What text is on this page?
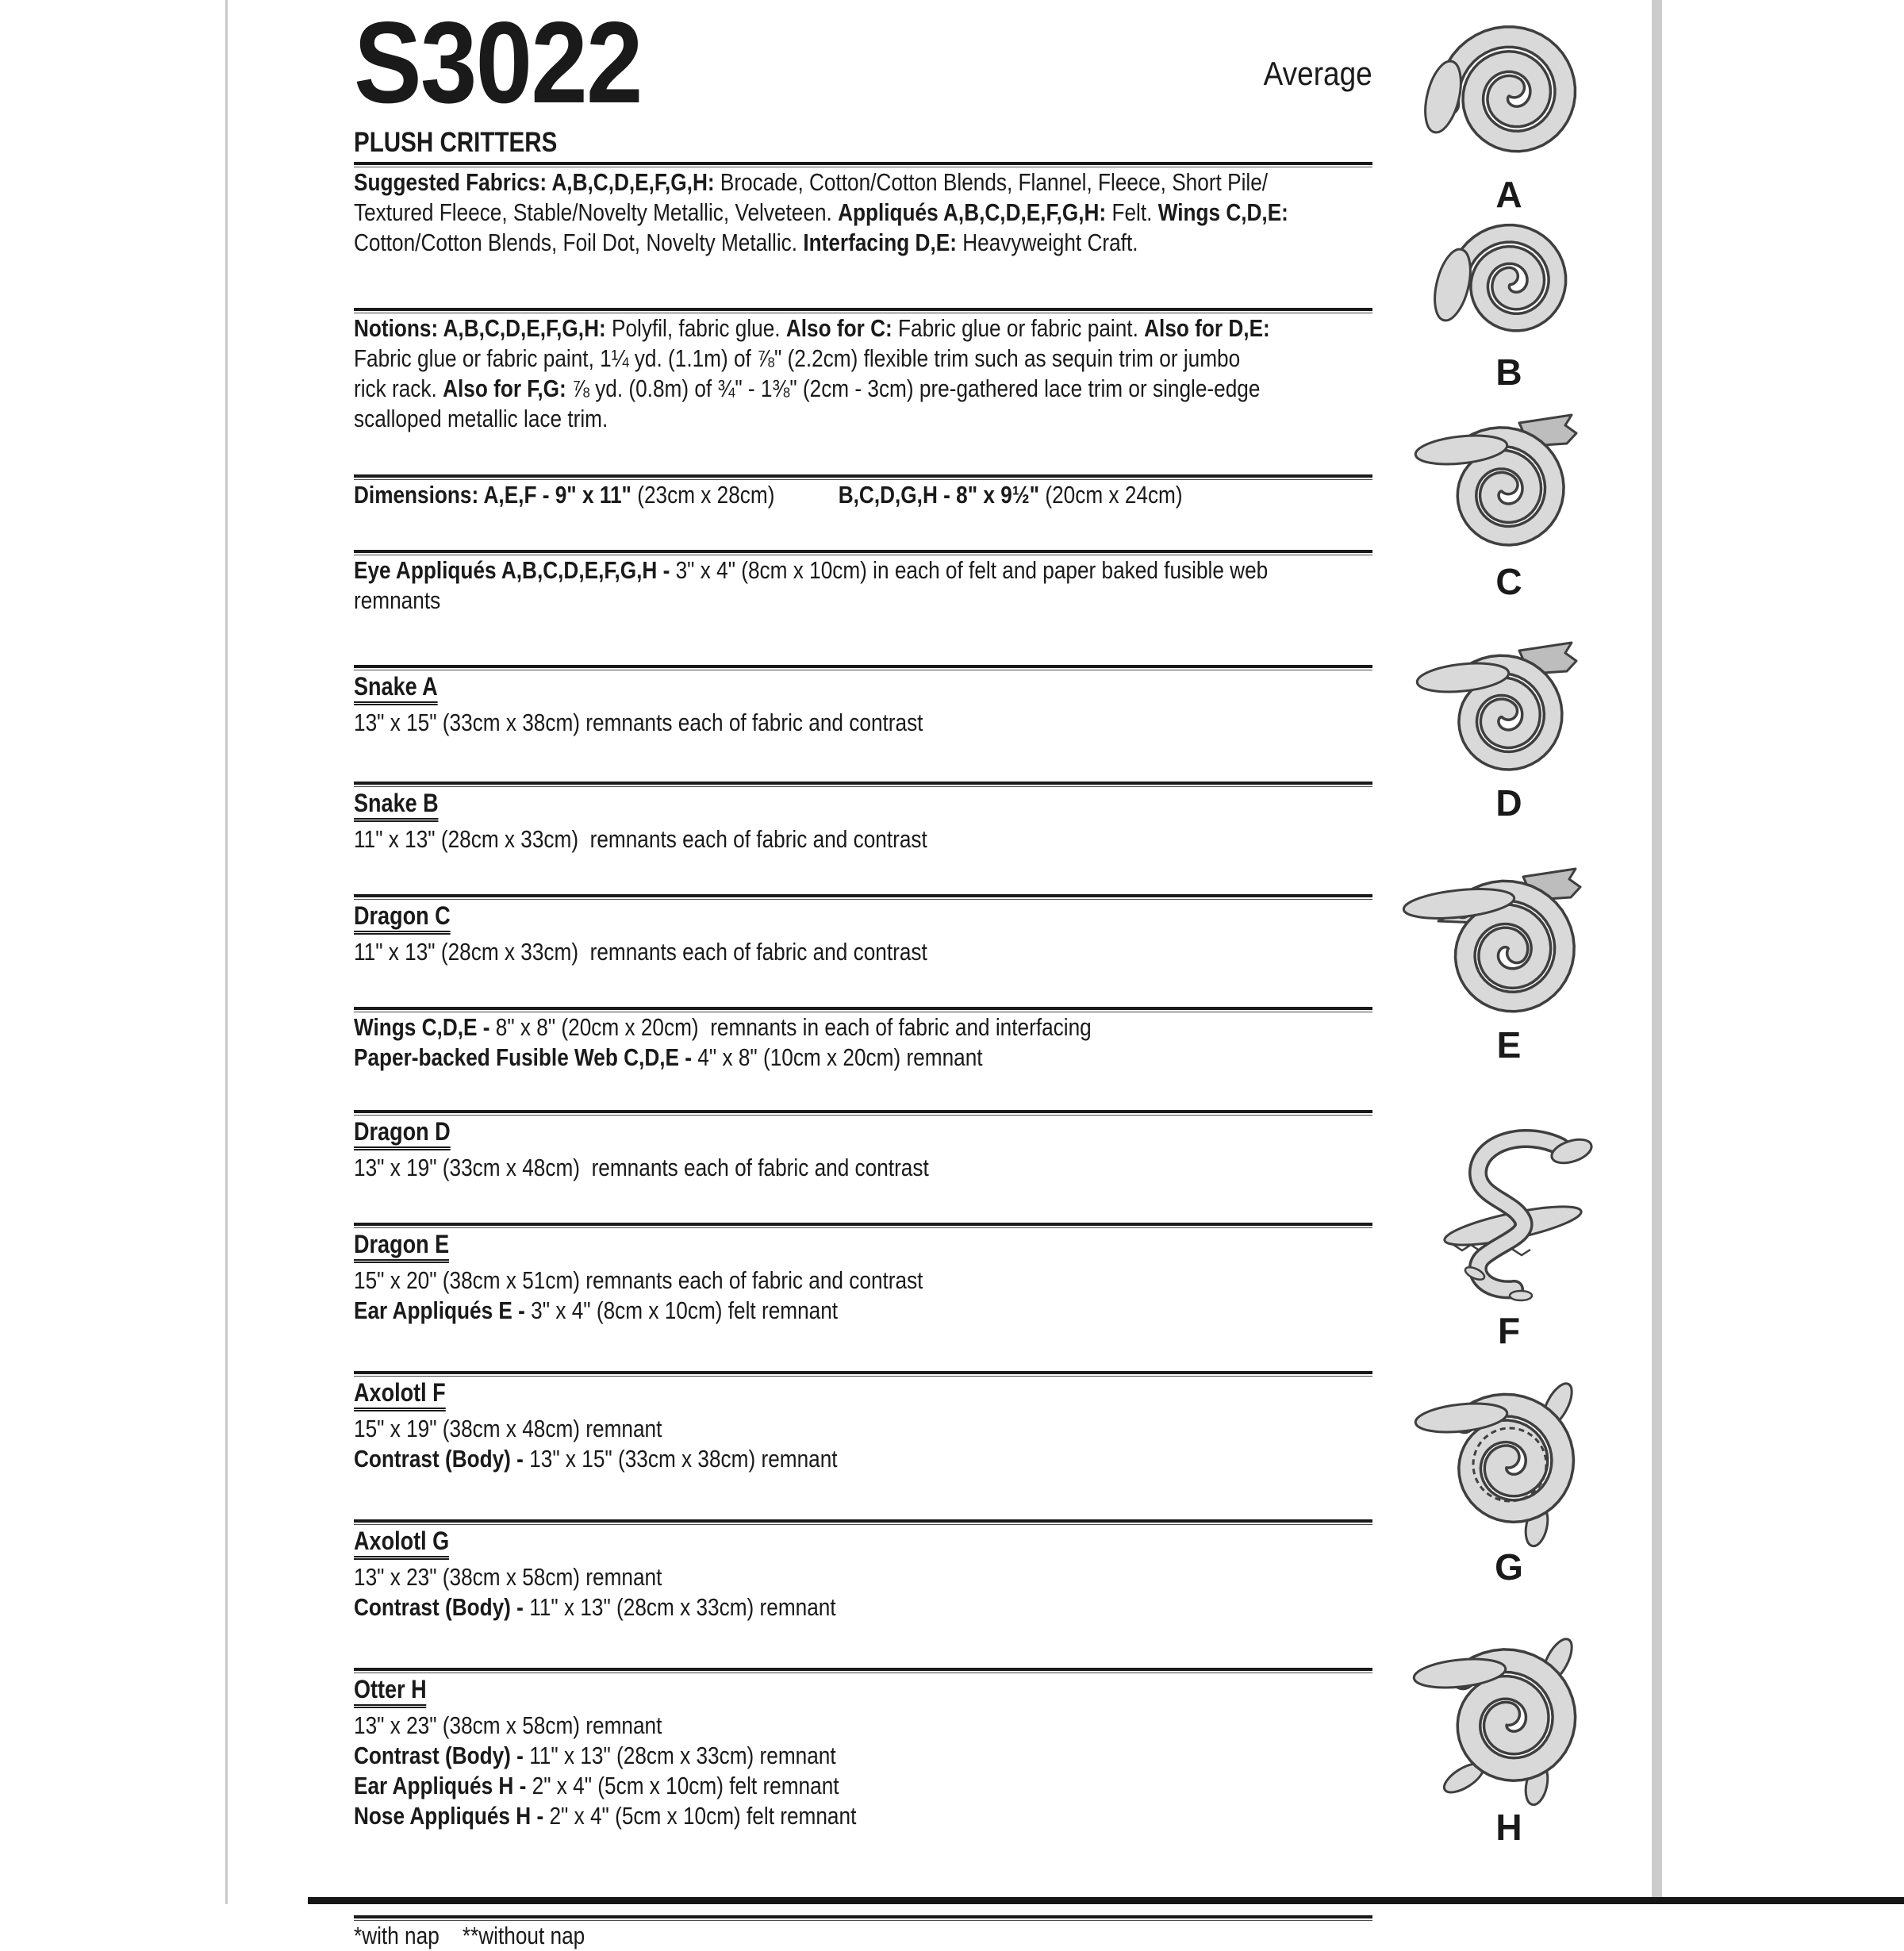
S3022	Average
PLUSH CRITTERS
Suggested Fabrics: A,B,C,D,E,F,G,H: Brocade, Cotton/Cotton Blends, Flannel, Fleece, Short Pile/
Textured Fleece, Stable/Novelty Metallic, Velveteen. Appliqués A,B,C,D,E,F,G,H: Felt. Wings C,D,E:
Cotton/Cotton Blends, Foil Dot, Novelty Metallic. Interfacing D,E: Heavyweight Craft.
Notions: A,B,C,D,E,F,G,H: Polyfil, fabric glue. Also for C: Fabric glue or fabric paint. Also for D,E:
Fabric glue or fabric paint, 1¼ yd. (1.1m) of ⅞" (2.2cm) flexible trim such as sequin trim or jumbo
rick rack. Also for F,G: ⅞ yd. (0.8m) of ¾" - 1⅜" (2cm - 3cm) pre-gathered lace trim or single-edge
scalloped metallic lace trim.
Dimensions: A,E,F - 9" x 11" (23cm x 28cm)	B,C,D,G,H - 8" x 9½" (20cm x 24cm)
Eye Appliqués A,B,C,D,E,F,G,H - 3" x 4" (8cm x 10cm) in each of felt and paper baked fusible web
remnants
Snake A
13" x 15" (33cm x 38cm) remnants each of fabric and contrast
Snake B
11" x 13" (28cm x 33cm)  remnants each of fabric and contrast
Dragon C
11" x 13" (28cm x 33cm)  remnants each of fabric and contrast
Wings C,D,E - 8" x 8" (20cm x 20cm)  remnants in each of fabric and interfacing
Paper-backed Fusible Web C,D,E - 4" x 8" (10cm x 20cm) remnant
Dragon D
13" x 19" (33cm x 48cm)  remnants each of fabric and contrast
Dragon E
15" x 20" (38cm x 51cm) remnants each of fabric and contrast
Ear Appliqués E - 3" x 4" (8cm x 10cm) felt remnant
Axolotl F
15" x 19" (38cm x 48cm) remnant
Contrast (Body) - 13" x 15" (33cm x 38cm) remnant
Axolotl G
13" x 23" (38cm x 58cm) remnant
Contrast (Body) - 11" x 13" (28cm x 33cm) remnant
Otter H
13" x 23" (38cm x 58cm) remnant
Contrast (Body) - 11" x 13" (28cm x 33cm) remnant
Ear Appliqués H - 2" x 4" (5cm x 10cm) felt remnant
Nose Appliqués H - 2" x 4" (5cm x 10cm) felt remnant
*with nap    **without nap
A
B
C
D
E
F
G
H
